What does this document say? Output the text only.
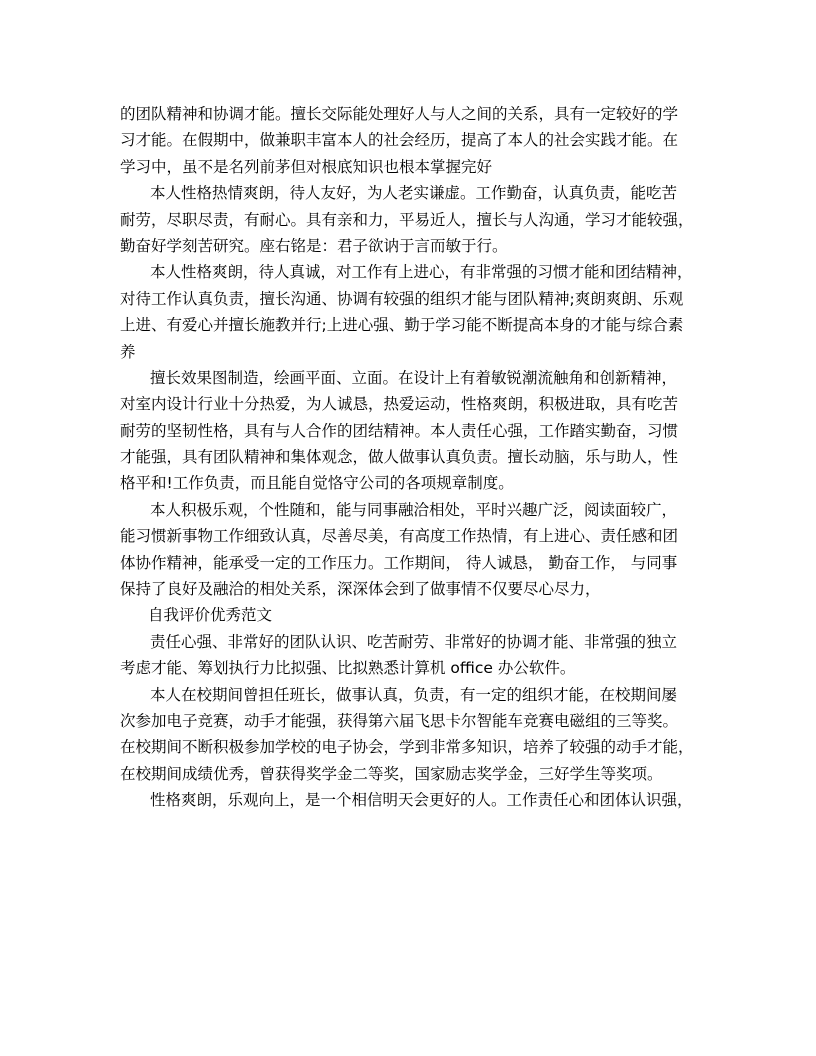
的团队精神和协调才能。擅长交际能处理好人与人之间的关系，具有一定较好的学
习才能。在假期中，做兼职丰富本人的社会经历，提高了本人的社会实践才能。在
学习中，虽不是名列前茅但对根底知识也根本掌握完好
本人性格热情爽朗，待人友好，为人老实谦虚。工作勤奋，认真负责，能吃苦
耐劳，尽职尽责，有耐心。具有亲和力，平易近人，擅长与人沟通，学习才能较强，
勤奋好学刻苦研究。座右铭是：君子欲讷于言而敏于行。
本人性格爽朗，待人真诚，对工作有上进心，有非常强的习惯才能和团结精神，
对待工作认真负责，擅长沟通、协调有较强的组织才能与团队精神;爽朗爽朗、乐观
上进、有爱心并擅长施教并行;上进心强、勤于学习能不断提高本身的才能与综合素
养
擅长效果图制造，绘画平面、立面。在设计上有着敏锐潮流触角和创新精神，
对室内设计行业十分热爱，为人诚恳，热爱运动，性格爽朗，积极进取，具有吃苦
耐劳的坚韧性格，具有与人合作的团结精神。本人责任心强，工作踏实勤奋，习惯
才能强，具有团队精神和集体观念，做人做事认真负责。擅长动脑，乐与助人，性
格平和!工作负责，而且能自觉恪守公司的各项规章制度。
本人积极乐观，个性随和，能与同事融洽相处，平时兴趣广泛，阅读面较广，
能习惯新事物工作细致认真，尽善尽美，有高度工作热情，有上进心、责任感和团
体协作精神，能承受一定的工作压力。工作期间， 待人诚恳， 勤奋工作， 与同事
保持了良好及融洽的相处关系，深深体会到了做事情不仅要尽心尽力，
自我评价优秀范文
责任心强、非常好的团队认识、吃苦耐劳、非常好的协调才能、非常强的独立
考虑才能、筹划执行力比拟强、比拟熟悉计算机 office 办公软件。
本人在校期间曾担任班长，做事认真，负责，有一定的组织才能，在校期间屡
次参加电子竞赛，动手才能强，获得第六届飞思卡尔智能车竞赛电磁组的三等奖。
在校期间不断积极参加学校的电子协会，学到非常多知识，培养了较强的动手才能，
在校期间成绩优秀，曾获得奖学金二等奖，国家励志奖学金，三好学生等奖项。
性格爽朗，乐观向上，是一个相信明天会更好的人。工作责任心和团体认识强，
